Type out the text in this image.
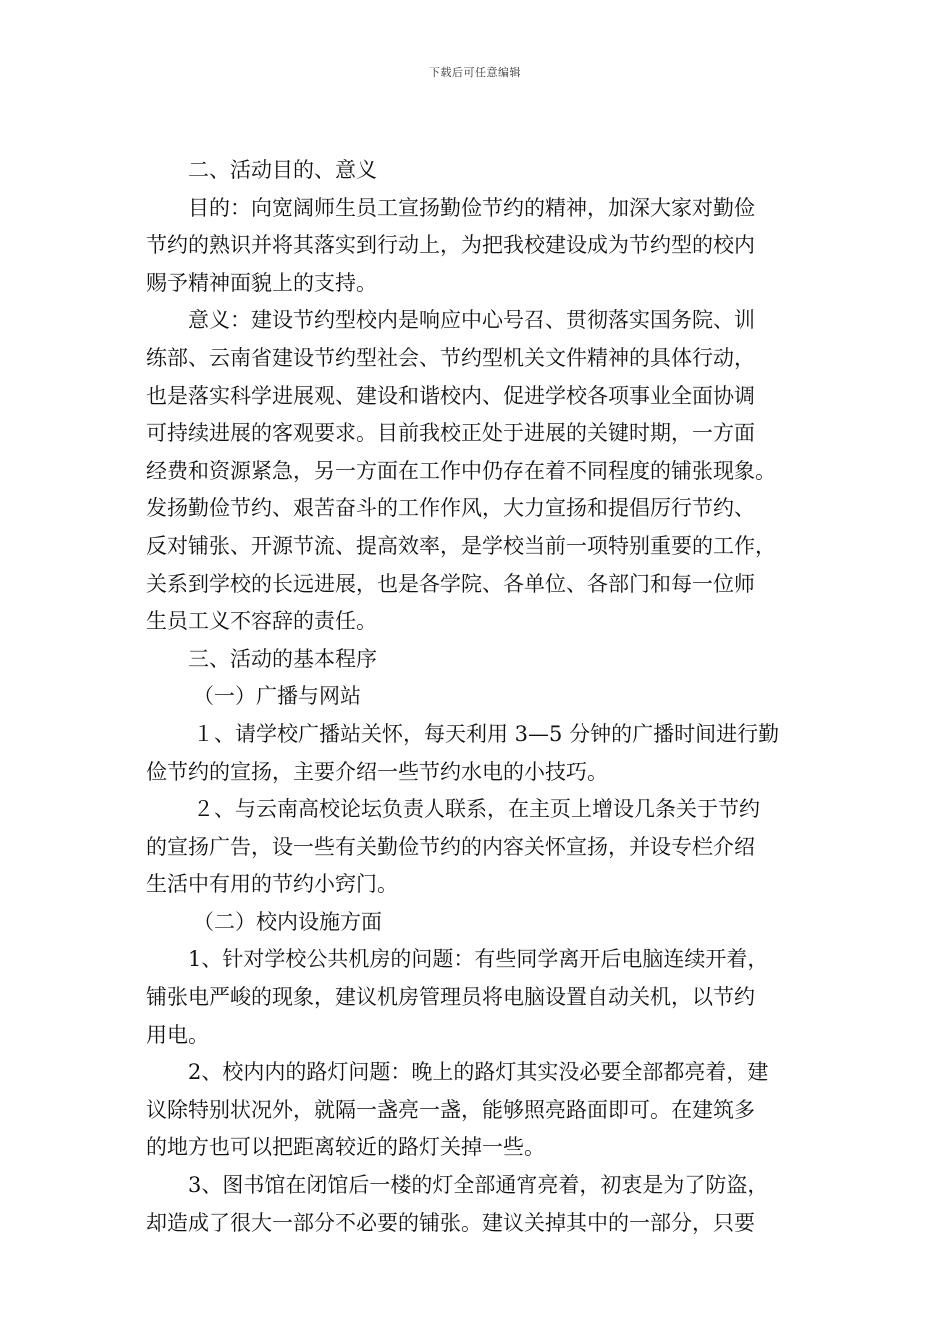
下载后可任意编辑
二、活动目的、意义
目的：向宽阔师生员工宣扬勤俭节约的精神，加深大家对勤俭
节约的熟识并将其落实到行动上，为把我校建设成为节约型的校内
赐予精神面貌上的支持。
意义：建设节约型校内是响应中心号召、贯彻落实国务院、训
练部、云南省建设节约型社会、节约型机关文件精神的具体行动，
也是落实科学进展观、建设和谐校内、促进学校各项事业全面协调
可持续进展的客观要求。目前我校正处于进展的关键时期，一方面
经费和资源紧急，另一方面在工作中仍存在着不同程度的铺张现象。
发扬勤俭节约、艰苦奋斗的工作作风，大力宣扬和提倡厉行节约、
反对铺张、开源节流、提高效率，是学校当前一项特别重要的工作，
关系到学校的长远进展，也是各学院、各单位、各部门和每一位师
生员工义不容辞的责任。
三、活动的基本程序
（一）广播与网站
１、请学校广播站关怀，每天利用 3—5 分钟的广播时间进行勤
俭节约的宣扬，主要介绍一些节约水电的小技巧。
２、与云南高校论坛负责人联系，在主页上增设几条关于节约
的宣扬广告，设一些有关勤俭节约的内容关怀宣扬，并设专栏介绍
生活中有用的节约小窍门。
（二）校内设施方面
1、针对学校公共机房的问题：有些同学离开后电脑连续开着，
铺张电严峻的现象，建议机房管理员将电脑设置自动关机，以节约
用电。
2、校内内的路灯问题：晚上的路灯其实没必要全部都亮着，建
议除特别状况外，就隔一盏亮一盏，能够照亮路面即可。在建筑多
的地方也可以把距离较近的路灯关掉一些。
3、图书馆在闭馆后一楼的灯全部通宵亮着，初衷是为了防盗，
却造成了很大一部分不必要的铺张。建议关掉其中的一部分，只要
